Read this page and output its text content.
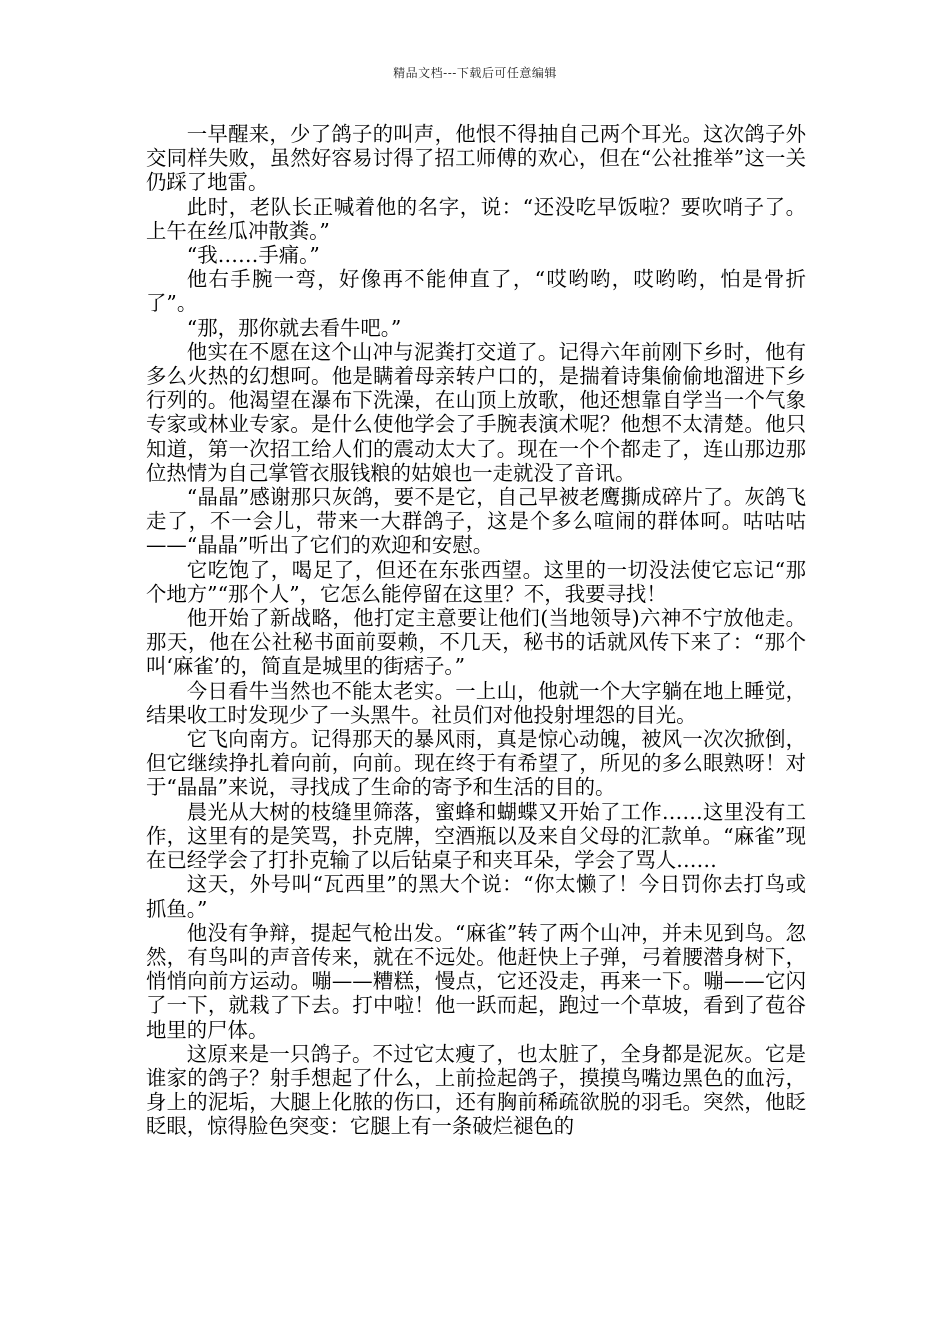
精品文档---下载后可任意编辑

一早醒来，少了鸽子的叫声，他恨不得抽自己两个耳光。这次鸽子外交同样失败，虽然好容易讨得了招工师傅的欢心，但在“公社推举”这一关仍踩了地雷。

此时，老队长正喊着他的名字，说：“还没吃早饭啦？要吹哨子了。上午在丝瓜冲散粪。”

“我……手痛。”

他右手腕一弯，好像再不能伸直了，“哎哟哟，哎哟哟，怕是骨折了”。

“那，那你就去看牛吧。”

他实在不愿在这个山冲与泥粪打交道了。记得六年前刚下乡时，他有多么火热的幻想呵。他是瞒着母亲转户口的，是揣着诗集偷偷地溜进下乡行列的。他渴望在瀑布下洗澡，在山顶上放歌，他还想靠自学当一个气象专家或林业专家。是什么使他学会了手腕表演术呢？他想不太清楚。他只知道，第一次招工给人们的震动太大了。现在一个个都走了，连山那边那位热情为自己掌管衣服钱粮的姑娘也一走就没了音讯。

“晶晶”感谢那只灰鸽，要不是它，自己早被老鹰撕成碎片了。灰鸽飞走了，不一会儿，带来一大群鸽子，这是个多么喧闹的群体呵。咕咕咕——“晶晶”听出了它们的欢迎和安慰。

它吃饱了，喝足了，但还在东张西望。这里的一切没法使它忘记“那个地方”“那个人”，它怎么能停留在这里？不，我要寻找！

他开始了新战略，他打定主意要让他们(当地领导)六神不宁放他走。那天，他在公社秘书面前耍赖，不几天，秘书的话就风传下来了：“那个叫‘麻雀’的，简直是城里的街痞子。”

今日看牛当然也不能太老实。一上山，他就一个大字躺在地上睡觉，结果收工时发现少了一头黑牛。社员们对他投射埋怨的目光。

它飞向南方。记得那天的暴风雨，真是惊心动魄，被风一次次掀倒，但它继续挣扎着向前，向前。现在终于有希望了，所见的多么眼熟呀！对于“晶晶”来说，寻找成了生命的寄予和生活的目的。

晨光从大树的枝缝里筛落，蜜蜂和蝴蝶又开始了工作……这里没有工作，这里有的是笑骂，扑克牌，空酒瓶以及来自父母的汇款单。“麻雀”现在已经学会了打扑克输了以后钻桌子和夹耳朵，学会了骂人……

这天，外号叫“瓦西里”的黑大个说：“你太懒了！今日罚你去打鸟或抓鱼。”

他没有争辩，提起气枪出发。“麻雀”转了两个山冲，并未见到鸟。忽然，有鸟叫的声音传来，就在不远处。他赶快上子弹，弓着腰潜身树下，悄悄向前方运动。嘣——糟糕，慢点，它还没走，再来一下。嘣——它闪了一下，就栽了下去。打中啦！他一跃而起，跑过一个草坡，看到了苞谷地里的尸体。

这原来是一只鸽子。不过它太瘦了，也太脏了，全身都是泥灰。它是谁家的鸽子？射手想起了什么，上前捡起鸽子，摸摸鸟嘴边黑色的血污，身上的泥垢，大腿上化脓的伤口，还有胸前稀疏欲脱的羽毛。突然，他眨眨眼，惊得脸色突变：它腿上有一条破烂褪色的
